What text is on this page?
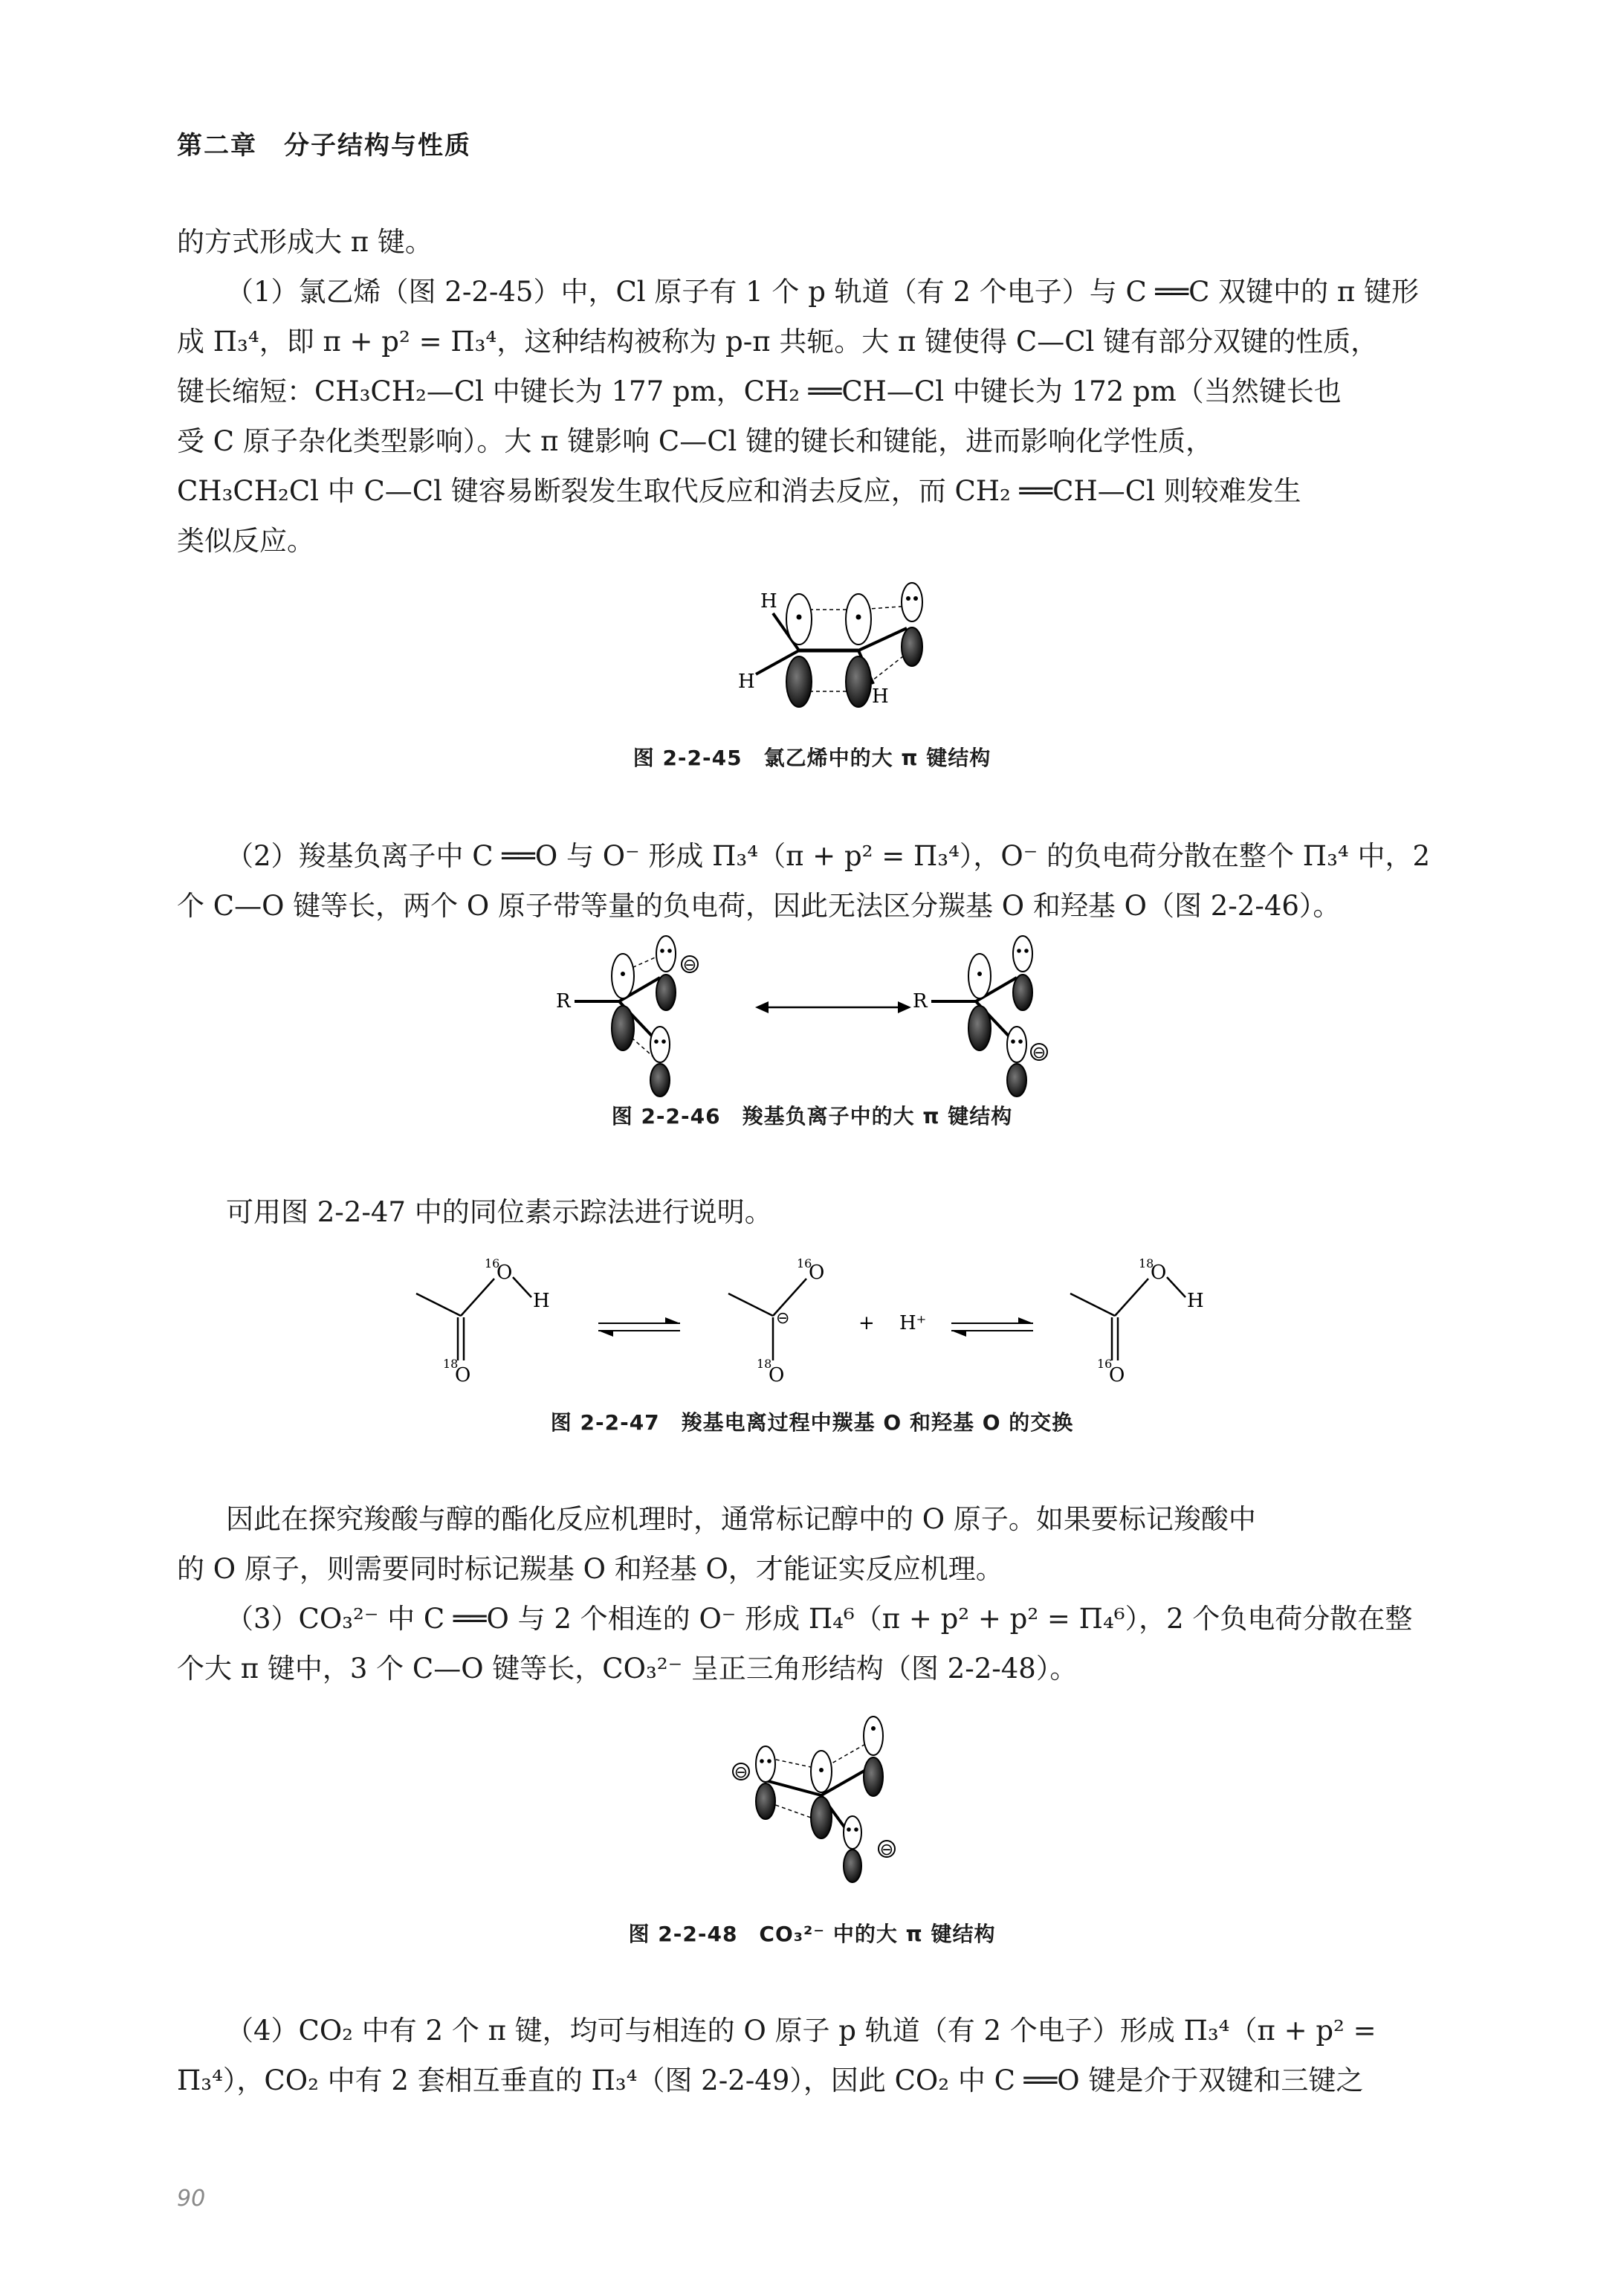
第二章　分子结构与性质

的方式形成大 π 键。

（1）氯乙烯（图 2-2-45）中，Cl 原子有 1 个 p 轨道（有 2 个电子）与 C ══C 双键中的 π 键形
成 Π₃⁴，即 π + p² = Π₃⁴，这种结构被称为 p-π 共轭。大 π 键使得 C—Cl 键有部分双键的性质，
键长缩短：CH₃CH₂—Cl 中键长为 177 pm，CH₂ ══CH—Cl 中键长为 172 pm（当然键长也
受 C 原子杂化类型影响）。大 π 键影响 C—Cl 键的键长和键能，进而影响化学性质，
CH₃CH₂Cl 中 C—Cl 键容易断裂发生取代反应和消去反应，而 CH₂ ══CH—Cl 则较难发生
类似反应。

H
H
H
图 2-2-45　氯乙烯中的大 π 键结构

（2）羧基负离子中 C ══O 与 O⁻ 形成 Π₃⁴（π + p² = Π₃⁴），O⁻ 的负电荷分散在整个 Π₃⁴ 中，2
个 C—O 键等长，两个 O 原子带等量的负电荷，因此无法区分羰基 O 和羟基 O（图 2-2-46）。

R
⊖
R
⊖
图 2-2-46　羧基负离子中的大 π 键结构

可用图 2-2-47 中的同位素示踪法进行说明。

16
O
H
18
O
16
O
⊖
18
O
+ H⁺
18
O
H
16
O
图 2-2-47　羧基电离过程中羰基 O 和羟基 O 的交换

因此在探究羧酸与醇的酯化反应机理时，通常标记醇中的 O 原子。如果要标记羧酸中
的 O 原子，则需要同时标记羰基 O 和羟基 O，才能证实反应机理。

（3）CO₃²⁻ 中 C ══O 与 2 个相连的 O⁻ 形成 Π₄⁶（π + p² + p² = Π₄⁶），2 个负电荷分散在整
个大 π 键中，3 个 C—O 键等长，CO₃²⁻ 呈正三角形结构（图 2-2-48）。

⊖
⊖
图 2-2-48　CO₃²⁻ 中的大 π 键结构

（4）CO₂ 中有 2 个 π 键，均可与相连的 O 原子 p 轨道（有 2 个电子）形成 Π₃⁴（π + p² =
Π₃⁴），CO₂ 中有 2 套相互垂直的 Π₃⁴（图 2-2-49），因此 CO₂ 中 C ══O 键是介于双键和三键之

90
